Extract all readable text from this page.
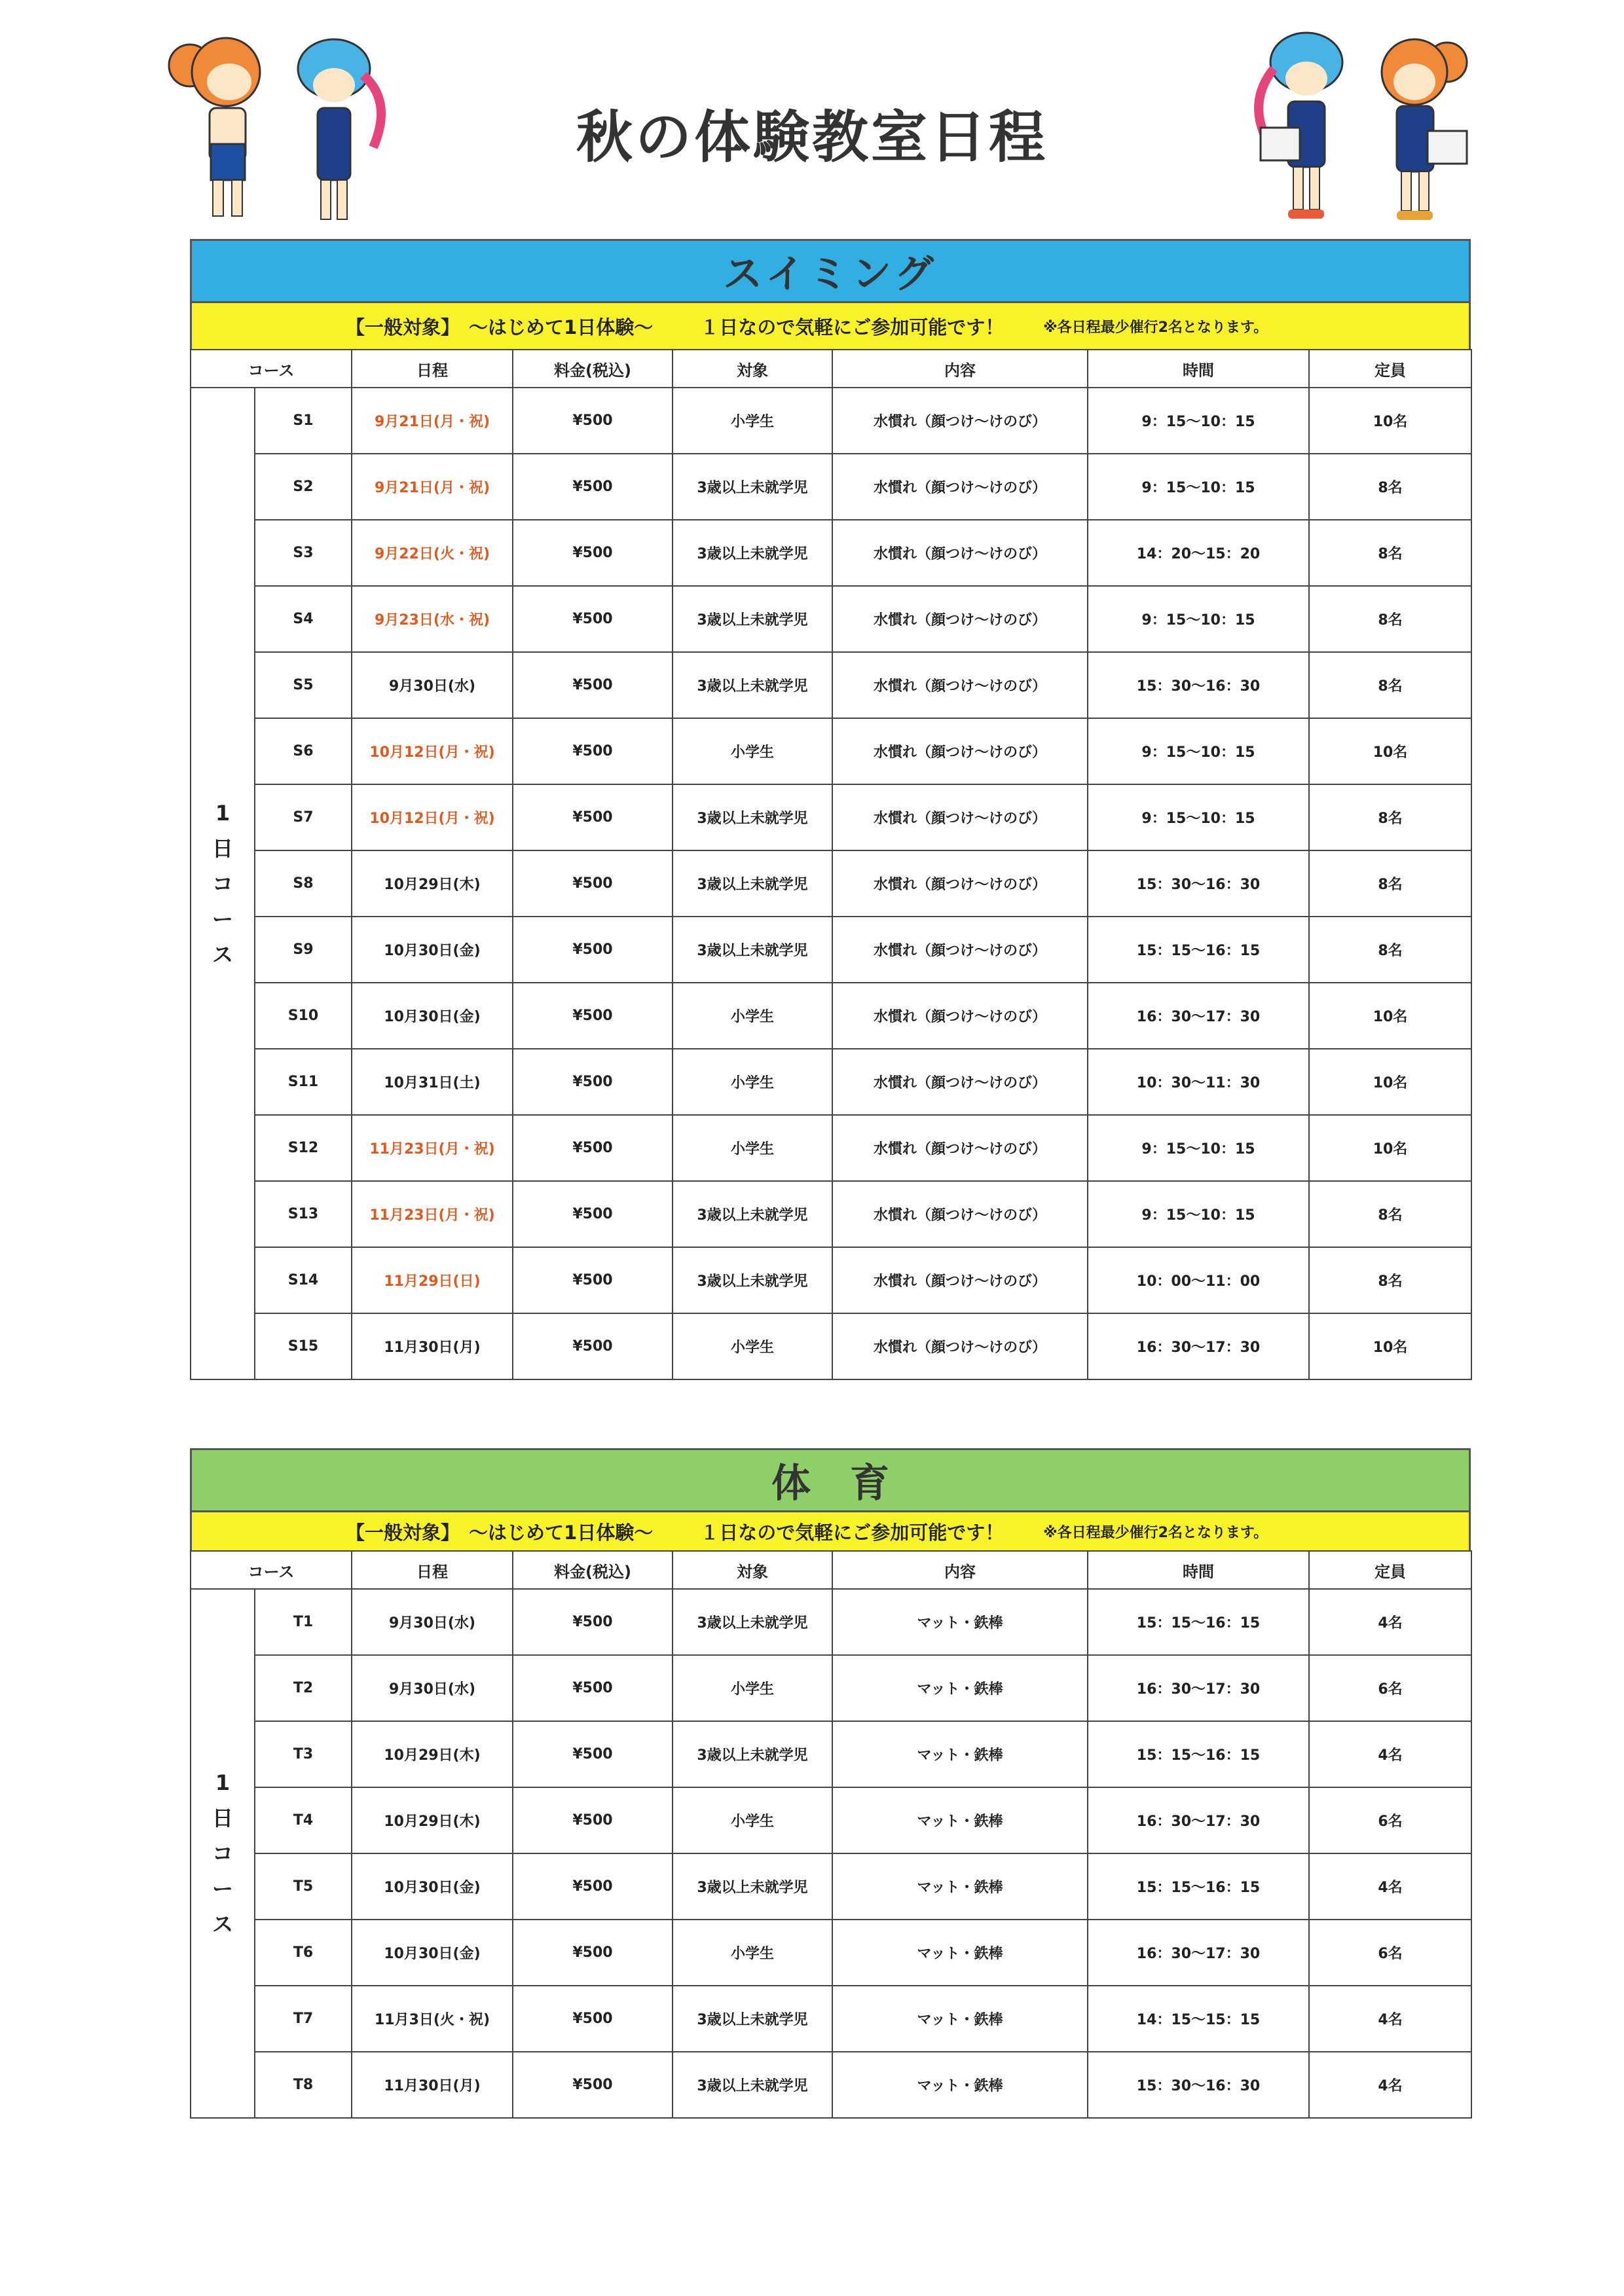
秋の体験教室日程
スイミング
【一般対象】 ～はじめて1日体験～ １日なので気軽にご参加可能です！	※各日程最少催行2名となります。
コース		日程	料金(税込)	対象	内容	時間	定員

1
日
コ
ー
ス	S1	9月21日(月・祝)	¥500	小学生	水慣れ（顔つけ～けのび）	9：15～10：15	10名
	S2	9月21日(月・祝)	¥500	3歳以上未就学児	水慣れ（顔つけ～けのび）	9：15～10：15	8名
	S3	9月22日(火・祝)	¥500	3歳以上未就学児	水慣れ（顔つけ～けのび）	14：20～15：20	8名
	S4	9月23日(水・祝)	¥500	3歳以上未就学児	水慣れ（顔つけ～けのび）	9：15～10：15	8名
	S5	9月30日(水)	¥500	3歳以上未就学児	水慣れ（顔つけ～けのび）	15：30～16：30	8名
	S6	10月12日(月・祝)	¥500	小学生	水慣れ（顔つけ～けのび）	9：15～10：15	10名
	S7	10月12日(月・祝)	¥500	3歳以上未就学児	水慣れ（顔つけ～けのび）	9：15～10：15	8名
	S8	10月29日(木)	¥500	3歳以上未就学児	水慣れ（顔つけ～けのび）	15：30～16：30	8名
	S9	10月30日(金)	¥500	3歳以上未就学児	水慣れ（顔つけ～けのび）	15：15～16：15	8名
	S10	10月30日(金)	¥500	小学生	水慣れ（顔つけ～けのび）	16：30～17：30	10名
	S11	10月31日(土)	¥500	小学生	水慣れ（顔つけ～けのび）	10：30～11：30	10名
	S12	11月23日(月・祝)	¥500	小学生	水慣れ（顔つけ～けのび）	9：15～10：15	10名
	S13	11月23日(月・祝)	¥500	3歳以上未就学児	水慣れ（顔つけ～けのび）	9：15～10：15	8名
	S14	11月29日(日)	¥500	3歳以上未就学児	水慣れ（顔つけ～けのび）	10：00～11：00	8名
	S15	11月30日(月)	¥500	小学生	水慣れ（顔つけ～けのび）	16：30～17：30	10名
体育
【一般対象】 ～はじめて1日体験～ １日なので気軽にご参加可能です！	※各日程最少催行2名となります。
コース		日程	料金(税込)	対象	内容	時間	定員

1
日
コ
ー
ス	T1	9月30日(水)	¥500	3歳以上未就学児	マット・鉄棒	15：15～16：15	4名
	T2	9月30日(水)	¥500	小学生	マット・鉄棒	16：30～17：30	6名
	T3	10月29日(木)	¥500	3歳以上未就学児	マット・鉄棒	15：15～16：15	4名
	T4	10月29日(木)	¥500	小学生	マット・鉄棒	16：30～17：30	6名
	T5	10月30日(金)	¥500	3歳以上未就学児	マット・鉄棒	15：15～16：15	4名
	T6	10月30日(金)	¥500	小学生	マット・鉄棒	16：30～17：30	6名
	T7	11月3日(火・祝)	¥500	3歳以上未就学児	マット・鉄棒	14：15～15：15	4名
	T8	11月30日(月)	¥500	3歳以上未就学児	マット・鉄棒	15：30～16：30	4名
